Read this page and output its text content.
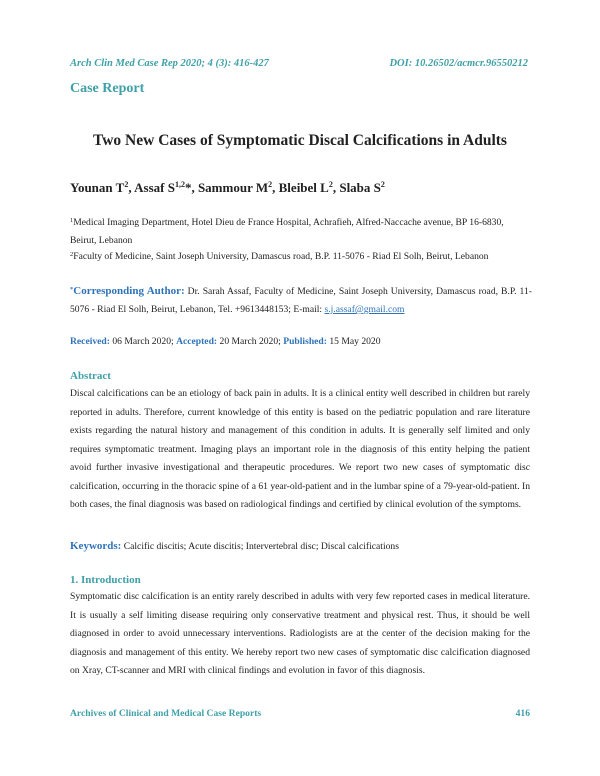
Arch Clin Med Case Rep 2020; 4 (3): 416-427	DOI: 10.26502/acmcr.96550212
Case Report
Two New Cases of Symptomatic Discal Calcifications in Adults
Younan $T^2$, Assaf S$^{1,2}$*, Sammour $M^2$, Bleibel $L^2$, Slaba $S^2$
$^1$Medical Imaging Department, Hotel Dieu de France Hospital, Achrafieh, Alfred-Naccache avenue, BP 16-6830, Beirut, Lebanon
$^2$Faculty of Medicine, Saint Joseph University, Damascus road, B.P. 11-5076 - Riad El Solh, Beirut, Lebanon
*Corresponding Author: Dr. Sarah Assaf, Faculty of Medicine, Saint Joseph University, Damascus road, B.P. 11-5076 - Riad El Solh, Beirut, Lebanon, Tel. +9613448153; E-mail: s.j.assaf@gmail.com
Received: 06 March 2020; Accepted: 20 March 2020; Published: 15 May 2020
Abstract
Discal calcifications can be an etiology of back pain in adults. It is a clinical entity well described in children but rarely reported in adults. Therefore, current knowledge of this entity is based on the pediatric population and rare literature exists regarding the natural history and management of this condition in adults. It is generally self limited and only requires symptomatic treatment. Imaging plays an important role in the diagnosis of this entity helping the patient avoid further invasive investigational and therapeutic procedures. We report two new cases of symptomatic disc calcification, occurring in the thoracic spine of a 61 year-old-patient and in the lumbar spine of a 79-year-old-patient. In both cases, the final diagnosis was based on radiological findings and certified by clinical evolution of the symptoms.
Keywords: Calcific discitis; Acute discitis; Intervertebral disc; Discal calcifications
1. Introduction
Symptomatic disc calcification is an entity rarely described in adults with very few reported cases in medical literature. It is usually a self limiting disease requiring only conservative treatment and physical rest. Thus, it should be well diagnosed in order to avoid unnecessary interventions. Radiologists are at the center of the decision making for the diagnosis and management of this entity. We hereby report two new cases of symptomatic disc calcification diagnosed on Xray, CT-scanner and MRI with clinical findings and evolution in favor of this diagnosis.
Archives of Clinical and Medical Case Reports	416
